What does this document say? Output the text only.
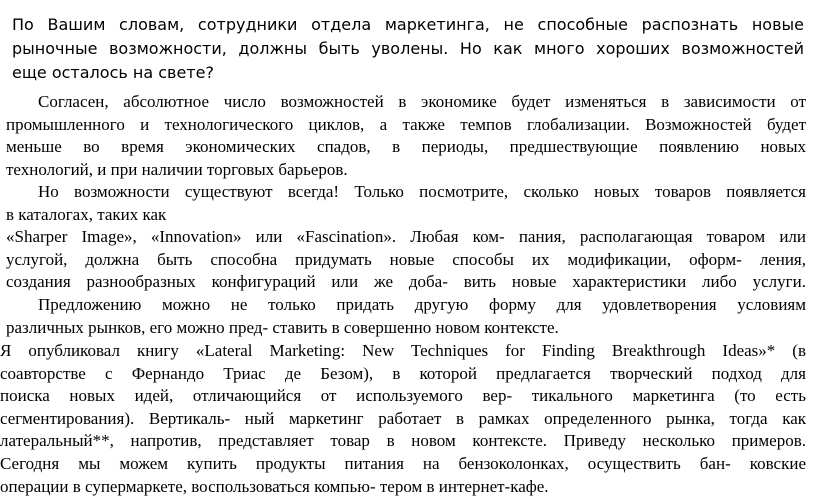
По Вашим словам, сотрудники отдела маркетинга, не способные распознать новые
рыночные возможности, должны быть уволены. Но как много хороших возможностей
еще осталось на свете?
Согласен, абсолютное число возможностей в экономике будет изменяться в зависимости от
промышленного и технологического циклов, а также темпов глобализации. Возможностей будет
меньше во время экономических спадов, в периоды, предшествующие появлению новых
технологий, и при наличии торговых барьеров.
Но возможности существуют всегда! Только посмотрите, сколько новых товаров появляется
в каталогах, таких как
«Sharper Image», «Innovation» или «Fascination». Любая ком- пания, располагающая товаром или
услугой, должна быть способна придумать новые способы их модификации, оформ- ления,
создания разнообразных конфигураций или же доба- вить новые характеристики либо услуги.
Предложению можно не только придать другую форму для удовлетворения условиям
различных рынков, его можно пред- ставить в совершенно новом контексте.
Я опубликовал книгу «Lateral Marketing: New Techniques for Finding Breakthrough Ideas»* (в
соавторстве с Фернандо Триас де Безом), в которой предлагается творческий подход для
поиска новых идей, отличающийся от используемого вер- тикального маркетинга (то есть
сегментирования). Вертикаль- ный маркетинг работает в рамках определенного рынка, тогда как
латеральный**, напротив, представляет товар в новом контексте. Приведу несколько примеров.
Сегодня мы можем купить продукты питания на бензоколонках, осуществить бан- ковские
операции в супермаркете, воспользоваться компью- тером в интернет-кафе.
